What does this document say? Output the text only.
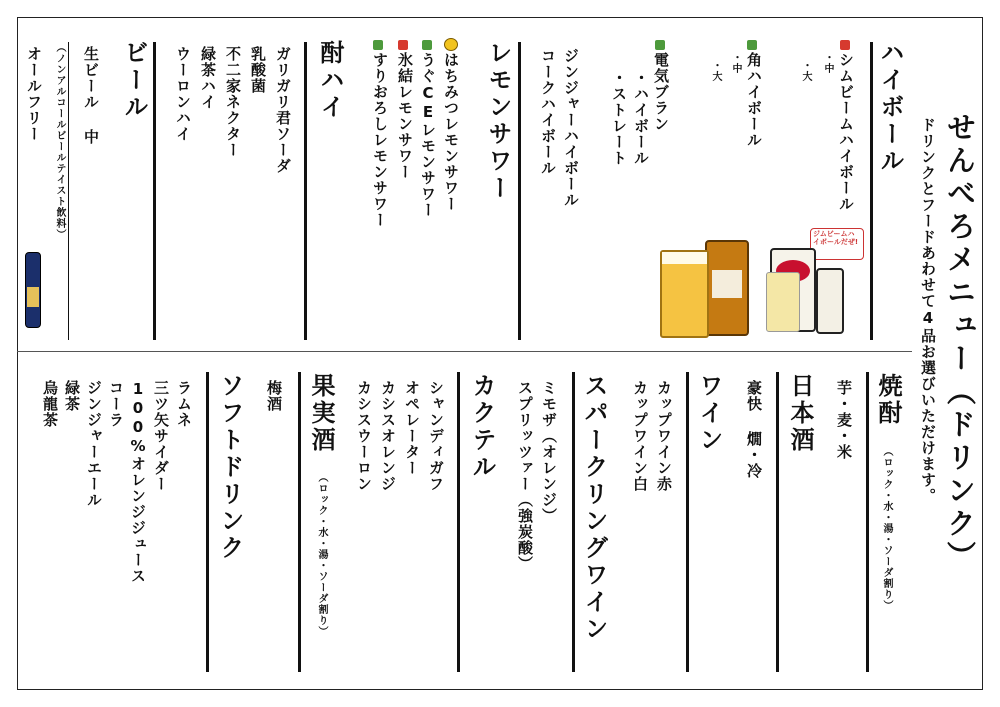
せんべろメニュー（ドリンク）
ドリンクとフードあわせて4品お選びいただけます。
ハイボール
シムビームハイボール
・中
・大
角ハイボール
・中
・大
電気ブラン
・ハイボール
・ストレート
ジンジャーハイボール
コークハイボール
ジムビームハイボールだぜ!
レモンサワー
はちみつレモンサワー
うぐCEレモンサワー
氷結レモンサワー
すりおろしレモンサワー
酎ハイ
ガリガリ君ソーダ
乳酸菌
不二家ネクター
緑茶ハイ
ウーロンハイ
ビール
生ビール 中
（ノンアルコールビールテイスト飲料）
オールフリー
焼酎
（ロック・水・湯・ソーダ割り）
芋・麦・米
日本酒
豪快 燗・冷
ワイン
カップワイン赤
カップワイン白
スパークリングワイン
ミモザ（オレンジ）
スプリッツァー（強炭酸）
カクテル
シャンディガフ
オペレーター
カシスオレンジ
カシスウーロン
果実酒
（ロック・水・湯・ソーダ割り）
梅酒
ソフトドリンク
ラムネ
三ツ矢サイダー
100%オレンジジュース
コーラ
ジンジャーエール
緑茶
烏龍茶
